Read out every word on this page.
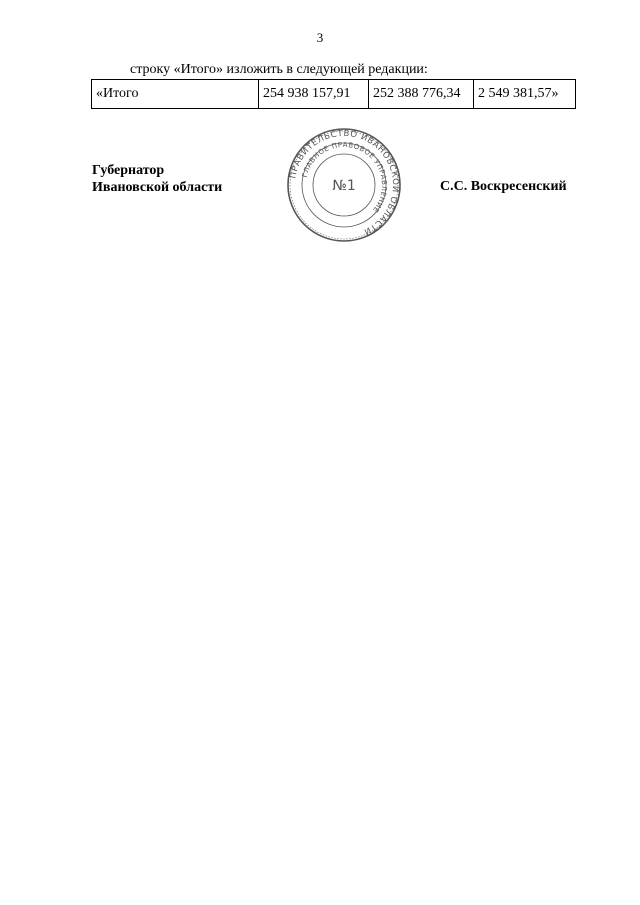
3
строку «Итого» изложить в следующей редакции:
«Итого	254 938 157,91	252 388 776,34	2 549 381,57»
Губернатор
Ивановской области	С.С. Воскресенский
ПРАВИТЕЛЬСТВО ИВАНОВСКОЙ ОБЛАСТИ
ГЛАВНОЕ ПРАВОВОЕ УПРАВЛЕНИЕ
№1
